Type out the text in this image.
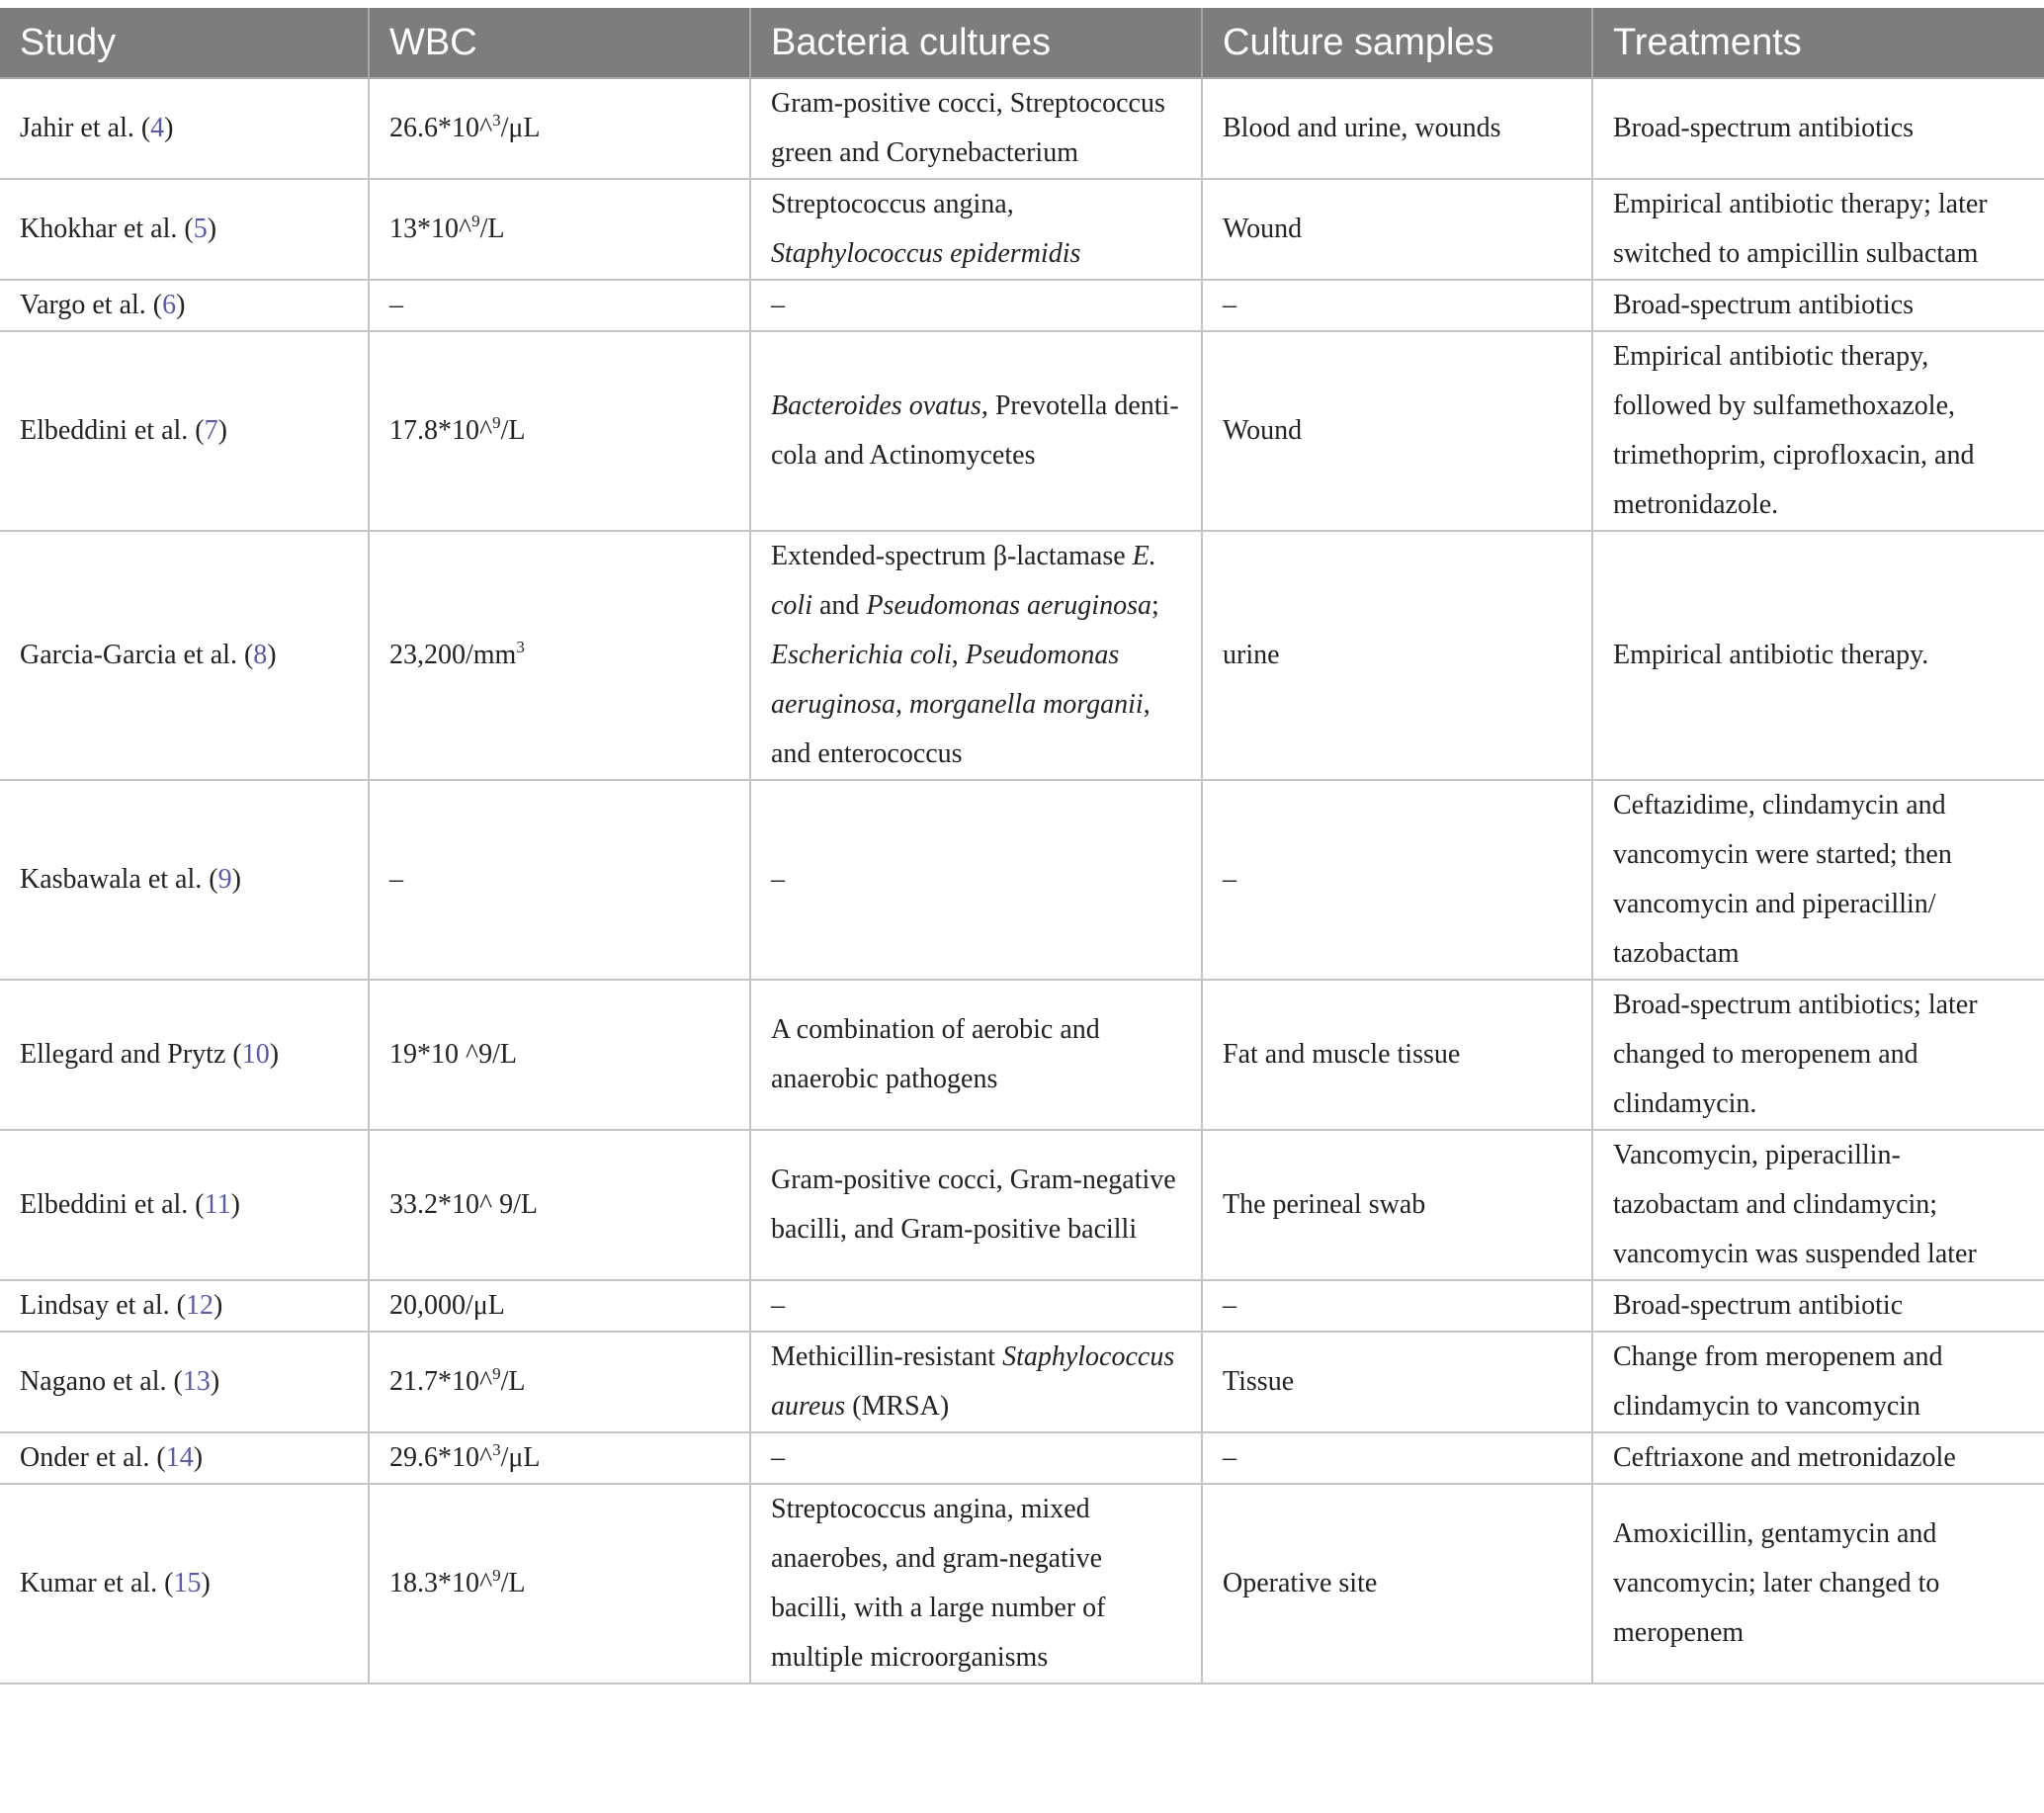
Study	WBC	Bacteria cultures	Culture samples	Treatments
Jahir et al. (4)	26.6*10^$^3$/μL	Gram-positive cocci, Streptococcus green and Corynebacterium	Blood and urine, wounds	Broad-spectrum antibiotics
Khokhar et al. (5)	13*10^$^9$/L	Streptococcus angina, Staphylococcus epidermidis	Wound	Empirical antibiotic therapy; later switched to ampicillin sulbactam
Vargo et al. (6)	–	–	–	Broad-spectrum antibiotics
Elbeddini et al. (7)	17.8*10^$^9$/L	Bacteroides ovatus, Prevotella denti-cola and Actinomycetes	Wound	Empirical antibiotic therapy, followed by sulfamethoxazole, trimethoprim, ciprofloxacin, and metronidazole.
Garcia-Garcia et al. (8)	$23,200/mm^3$	Extended-spectrum β-lactamase E. coli and Pseudomonas aeruginosa; Escherichia coli, Pseudomonas aeruginosa, morganella morganii, and enterococcus	urine	Empirical antibiotic therapy.
Kasbawala et al. (9)	–	–	–	Ceftazidime, clindamycin and vancomycin were started; then vancomycin and piperacillin/ tazobactam
Ellegard and Prytz (10)	19*10 ^9/L	A combination of aerobic and anaerobic pathogens	Fat and muscle tissue	Broad-spectrum antibiotics; later changed to meropenem and clindamycin.
Elbeddini et al. (11)	33.2*10^ 9/L	Gram-positive cocci, Gram-negative bacilli, and Gram-positive bacilli	The perineal swab	Vancomycin, piperacillin-tazobactam and clindamycin; vancomycin was suspended later
Lindsay et al. (12)	20,000/μL	–	–	Broad-spectrum antibiotic
Nagano et al. (13)	21.7*10^$^9$/L	Methicillin-resistant Staphylococcus aureus (MRSA)	Tissue	Change from meropenem and clindamycin to vancomycin
Onder et al. (14)	29.6*10^$^3$/μL	–	–	Ceftriaxone and metronidazole
Kumar et al. (15)	18.3*10^$^9$/L	Streptococcus angina, mixed anaerobes, and gram-negative bacilli, with a large number of multiple microorganisms	Operative site	Amoxicillin, gentamycin and vancomycin; later changed to meropenem
